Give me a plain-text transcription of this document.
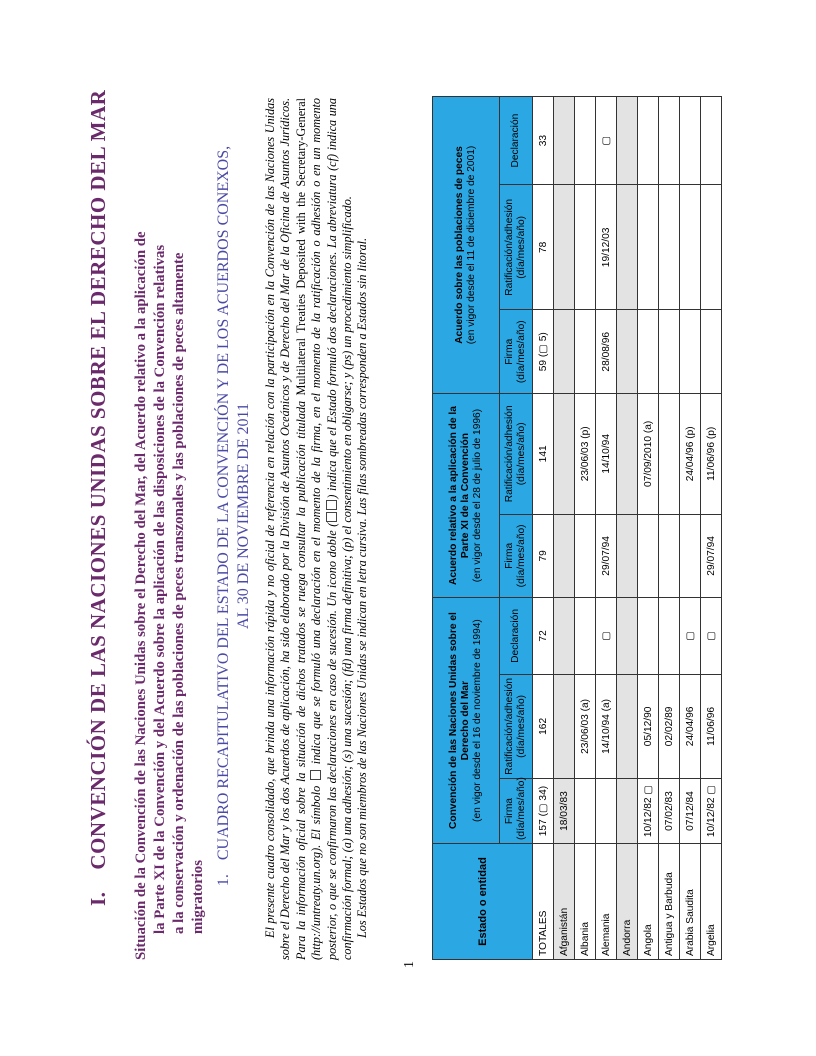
1
I.CONVENCIÓN DE LAS NACIONES UNIDAS SOBRE EL DERECHO DEL MAR Situación de la Convención de las Naciones Unidas sobre el Derecho del Mar, del Acuerdo relativo a la aplicación de la Parte XI de la Convención y del Acuerdo sobre la aplicación de las disposiciones de la Convención relativas a la conservación y ordenación de las poblaciones de peces transzonales y las poblaciones de peces altamente migratorios 1.CUADRO RECAPITULATIVO DEL ESTADO DE LA CONVENCIÓN Y DE LOS ACUERDOS CONEXOS, AL 30 DE NOVIEMBRE DE 2011 El presente cuadro consolidado, que brinda una información rápida y no oficial de referencia en relación con la participación en la Convención de las Naciones Unidas sobre el Derecho del Mar y los dos Acuerdos de aplicación, ha sido elaborado por la División de Asuntos Oceánicos y de Derecho del Mar de la Oficina de Asuntos Jurídicos. Para la información oficial sobre la situación de dichos tratados se ruega consultar la publicación titulada Multilateral Treaties Deposited with the Secretary-General (http://untreaty.un.org). El símbolo  indica que se formuló una declaración en el momento de la firma, en el momento de la ratificación o adhesión o en un momento posterior, o que se confirmaron las declaraciones en caso de sucesión. Un icono doble () indica que el Estado formuló dos declaraciones. La abreviatura (cf) indica una confirmación formal; (a) una adhesión; (s) una sucesión; (fd) una firma definitiva; (p) el consentimiento en obligarse; y (ps) un procedimiento simplificado. Los Estados que no son miembros de las Naciones Unidas se indican en letra cursiva. Las filas sombreadas corresponden a Estados sin litoral.	Estado o entidad	Convención de las Naciones Unidas sobre el Derecho del Mar
(en vigor desde el 16 de noviembre de 1994)			Acuerdo relativo a la aplicación de la Parte XI de la Convención
(en vigor desde el 28 de julio de 1996)		Acuerdo sobre las poblaciones de peces
(en vigor desde el 11 de diciembre de 2001)		
	Firma (día/mes/año)	Ratificación/adhesión (día/mes/año)	Declaración	Firma (día/mes/año)	Ratificación/adhesión (día/mes/año)	Firma (día/mes/año)	Ratificación/adhesión (día/mes/año)	Declaración
TOTALES	157 (▢ 34)	162	72	79	141	59 (▢ 5)	78	33
Afganistán	18/03/83							
Albania		23/06/03 (a)			23/06/03 (p)			
Alemania		14/10/94 (a)	▢	29/07/94	14/10/94	28/08/96	19/12/03	▢
Andorra								
Angola	10/12/82 ▢	05/12/90			07/09/2010 (a)			
Antigua y Barbuda	07/02/83	02/02/89						
Arabia Saudita	07/12/84	24/04/96	▢		24/04/96 (p)			
Argelia	10/12/82 ▢	11/06/96	▢	29/07/94	11/06/96 (p)			
